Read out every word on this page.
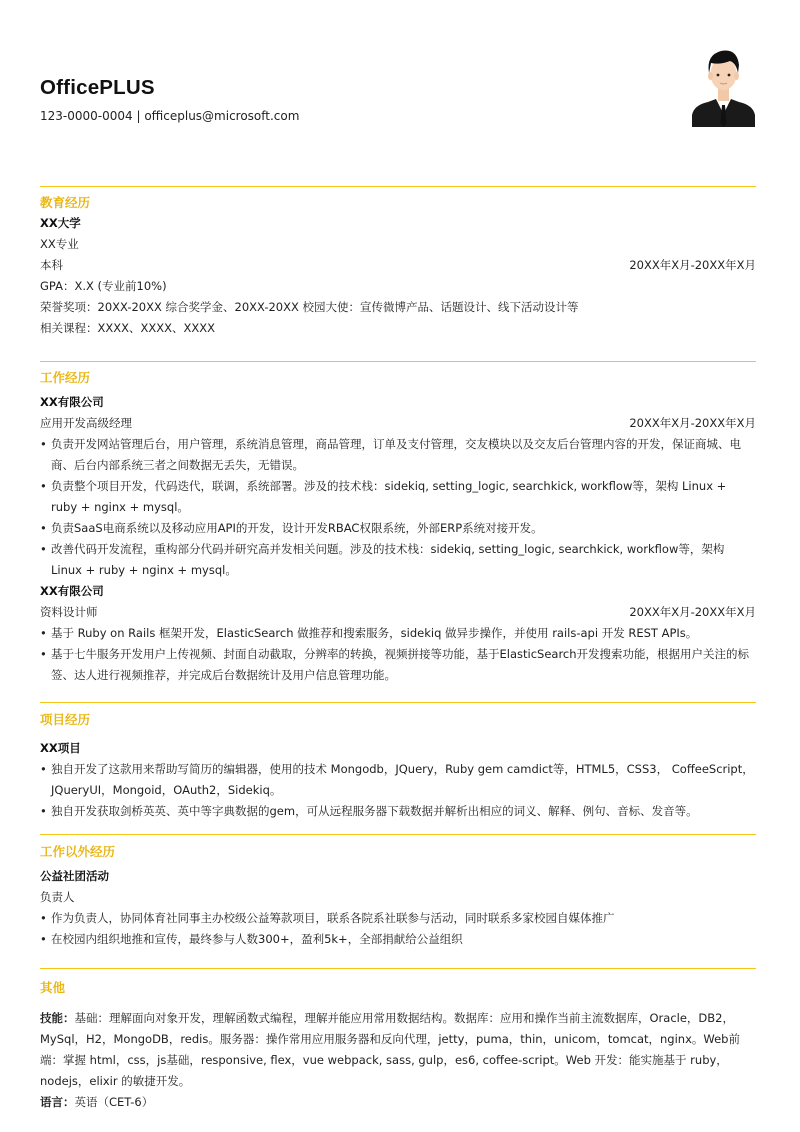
OfficePLUS
123-0000-0004 | officeplus@microsoft.com
教育经历
XX大学
XX专业
本科	20XX年X月-20XX年X月
GPA：X.X (专业前10%)
荣誉奖项：20XX-20XX 综合奖学金、20XX-20XX 校园大使：宣传微博产品、话题设计、线下活动设计等
相关课程：XXXX、XXXX、XXXX
工作经历
XX有限公司
应用开发高级经理	20XX年X月-20XX年X月
• 负责开发网站管理后台，用户管理，系统消息管理，商品管理，订单及支付管理，交友模块以及交友后台管理内容的开发，保证商城、电商、后台内部系统三者之间数据无丢失，无错误。
• 负责整个项目开发，代码迭代，联调，系统部署。涉及的技术栈：sidekiq, setting_logic, searchkick, workflow等，架构 Linux + ruby + nginx + mysql。
• 负责SaaS电商系统以及移动应用API的开发，设计开发RBAC权限系统，外部ERP系统对接开发。
• 改善代码开发流程，重构部分代码并研究高并发相关问题。涉及的技术栈：sidekiq, setting_logic, searchkick, workflow等，架构 Linux + ruby + nginx + mysql。
XX有限公司
资料设计师	20XX年X月-20XX年X月
• 基于 Ruby on Rails 框架开发，ElasticSearch 做推荐和搜索服务，sidekiq 做异步操作，并使用 rails-api 开发 REST APIs。
• 基于七牛服务开发用户上传视频、封面自动截取，分辨率的转换，视频拼接等功能，基于ElasticSearch开发搜索功能，根据用户关注的标签、达人进行视频推荐，并完成后台数据统计及用户信息管理功能。
项目经历
XX项目
• 独自开发了这款用来帮助写简历的编辑器，使用的技术 Mongodb，JQuery，Ruby gem camdict等，HTML5，CSS3， CoffeeScript，JQueryUI，Mongoid，OAuth2，Sidekiq。
• 独自开发获取剑桥英英、英中等字典数据的gem，可从远程服务器下载数据并解析出相应的词义、解释、例句、音标、发音等。
工作以外经历
公益社团活动
负责人
• 作为负责人，协同体育社同事主办校级公益筹款项目，联系各院系社联参与活动，同时联系多家校园自媒体推广
• 在校园内组织地推和宣传，最终参与人数300+，盈利5k+，全部捐献给公益组织
其他
技能：基础：理解面向对象开发，理解函数式编程，理解并能应用常用数据结构。数据库：应用和操作当前主流数据库，Oracle，DB2，MySql，H2，MongoDB，redis。服务器：操作常用应用服务器和反向代理，jetty，puma，thin，unicom，tomcat，nginx。Web前端：掌握 html，css，js基础，responsive, flex，vue webpack, sass, gulp，es6, coffee-script。Web 开发：能实施基于 ruby，nodejs，elixir 的敏捷开发。
语言：英语（CET-6）
